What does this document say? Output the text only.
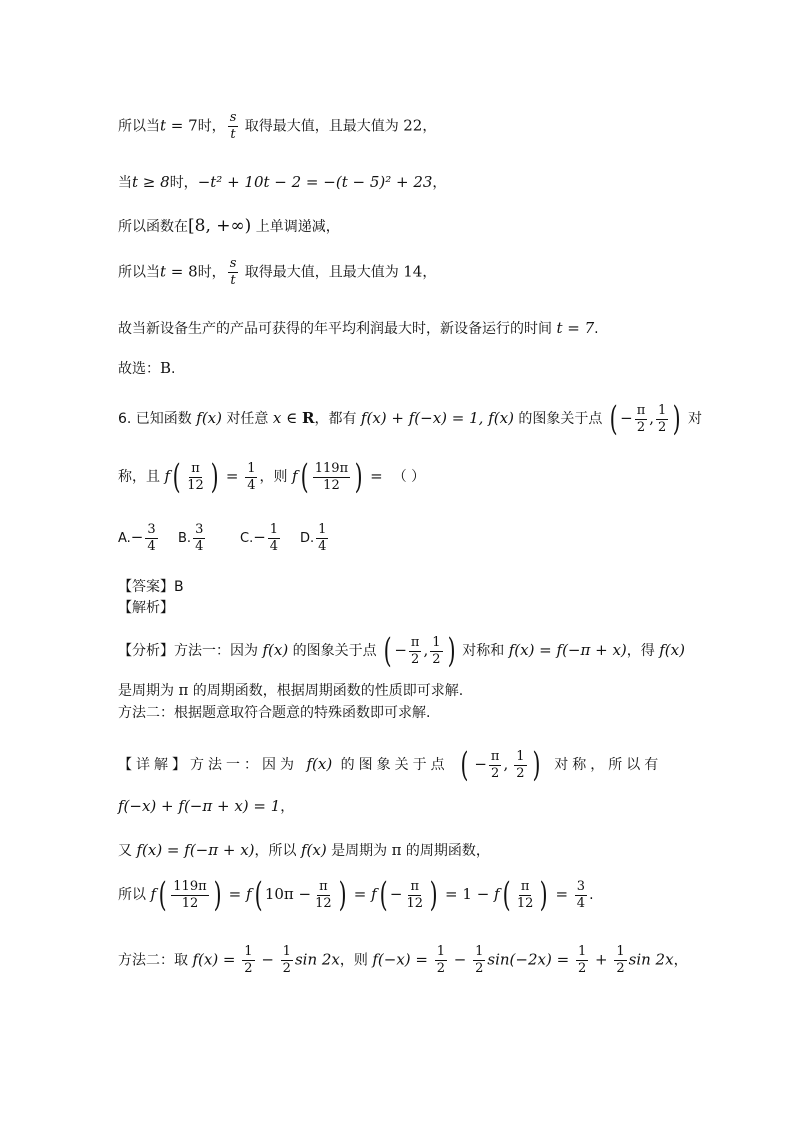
所以当t = 7时， $\frac{s}{t}$ 取得最大值，且最大值为 22，
当t ≥ 8时，−t² + 10t − 2 = −(t − 5)² + 23，
所以函数在[8, +∞) 上单调递减，
所以当t = 8时， $\frac{s}{t}$ 取得最大值，且最大值为 14，
故当新设备生产的产品可获得的年平均利润最大时，新设备运行的时间 t = 7.
故选：B.
6. 已知函数 f(x) 对任意 x ∈ R，都有 f(x) + f(−x) = 1, f(x) 的图象关于点 ( − $\frac{\pi}{2}$ , $\frac{1}{2}$ ) 对
称，且 $f( \frac{\pi}{12}$ ) = $\frac{1}{4}$ ，则 $f( \frac{119\pi}{12}$ ) = （ ）
$A.- \frac{3}{4} B$. $\frac{3}{4}$	$C.- \frac{1}{4} D$. $\frac{1}{4}$
【答案】B
【解析】
【分析】方法一：因为 f(x) 的图象关于点 ( − $\frac{\pi}{2}$ , $\frac{1}{2}$ ) 对称和 f(x) = f(−π + x)，得 f(x)
是周期为 π 的周期函数，根据周期函数的性质即可求解.
方法二：根据题意取符合题意的特殊函数即可求解.
【详解】方法一：因为 f(x) 的图象关于点 ( − $\frac{\pi}{2}$ , $\frac{1}{2}$ ) 对称，所以有
f(−x) + f(−π + x) = 1，
又 f(x) = f(−π + x)，所以 f(x) 是周期为 π 的周期函数，
所以 $f( \frac{119\pi}{12}$ ) = f( $10\pi - \frac{\pi}{12}$ ) = $f( - \frac{\pi}{12}$ ) = $1 - f( \frac{\pi}{12}$ ) = $\frac{3}{4}$ .
方法二：取 $f(x) = \frac{1}{2} - \frac{1}{2}$ sin 2x，则 $f(-x) = \frac{1}{2} - \frac{1}{2} \sin(-2x) = \frac{1}{2} + \frac{1}{2}$ sin 2x，
